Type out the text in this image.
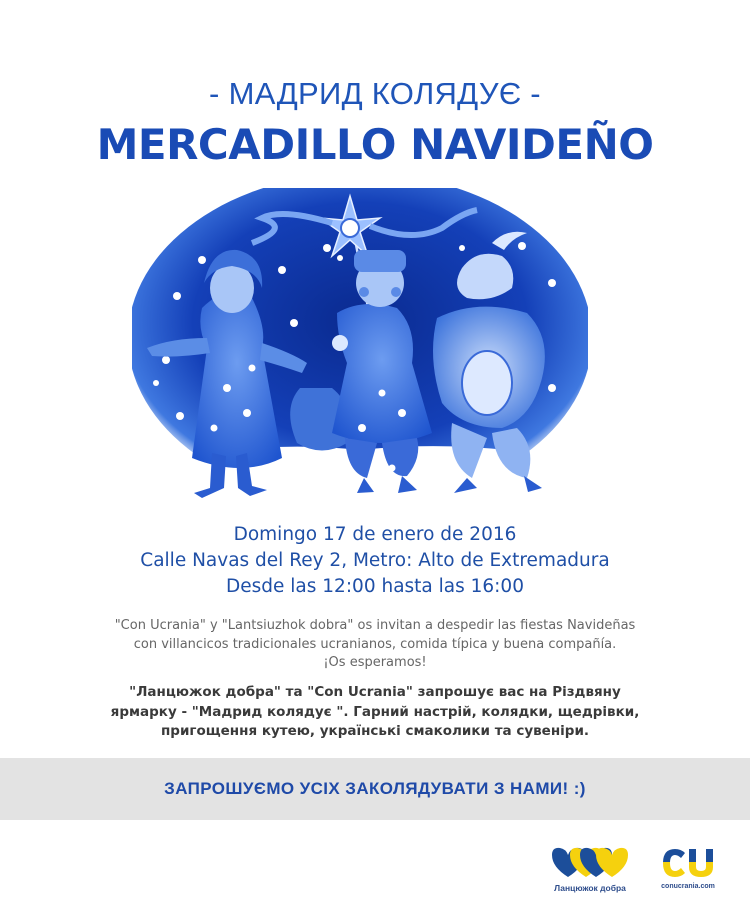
- МАДРИД КОЛЯДУЄ -
MERCADILLO NAVIDEÑO
Domingo 17 de enero de 2016
Calle Navas del Rey 2, Metro: Alto de Extremadura
Desde las 12:00 hasta las 16:00
"Con Ucrania" y "Lantsiuzhok dobra" os invitan a despedir las fiestas Navideñas
con villancicos tradicionales ucranianos, comida típica y buena compañía.
¡Os esperamos!
"Ланцюжок добра" та "Con Ucrania" запрошує вас на Різдвяну
ярмарку - "Мадрид колядує ". Гарний настрій, колядки, щедрівки,
пригощення кутею, українські смаколики та сувеніри.
ЗАПРОШУЄМО УСІХ ЗАКОЛЯДУВАТИ З НАМИ! :)
Ланцюжок добра	conucrania.com
